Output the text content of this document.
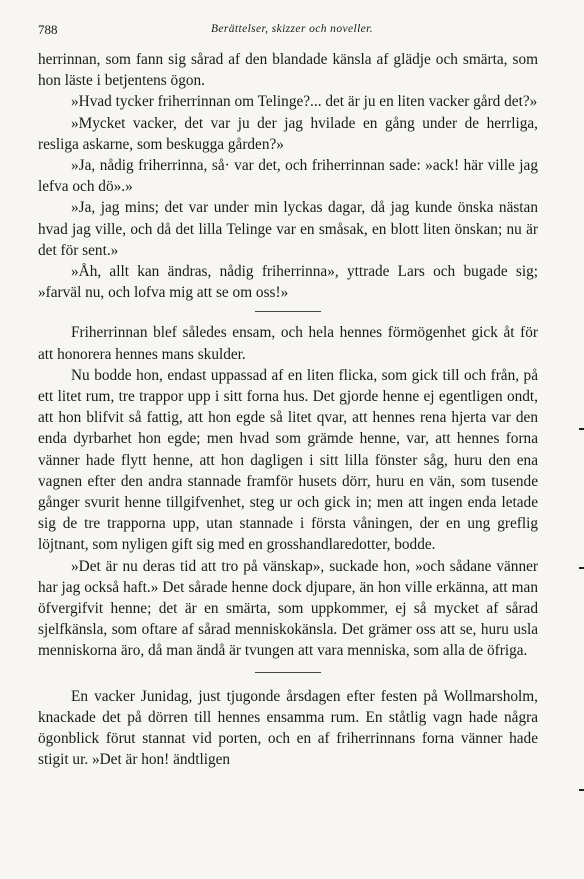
788	Berättelser, skizzer och noveller.

herrinnan, som fann sig sårad af den blandade känsla af glädje och smärta, som hon läste i betjentens ögon.

»Hvad tycker friherrinnan om Telinge?... det är ju en liten vacker gård det?»

»Mycket vacker, det var ju der jag hvilade en gång under de herrliga, resliga askarne, som beskugga gården?»

»Ja, nådig friherrinna, så· var det, och friherrinnan sade: »ack! här ville jag lefva och dö».»

»Ja, jag mins; det var under min lyckas dagar, då jag kunde önska nästan hvad jag ville, och då det lilla Telinge var en småsak, en blott liten önskan; nu är det för sent.»

»Åh, allt kan ändras, nådig friherrinna», yttrade Lars och bugade sig; »farväl nu, och lofva mig att se om oss!»

Friherrinnan blef således ensam, och hela hennes förmögenhet gick åt för att honorera hennes mans skulder.

Nu bodde hon, endast uppassad af en liten flicka, som gick till och från, på ett litet rum, tre trappor upp i sitt forna hus. Det gjorde henne ej egentligen ondt, att hon blifvit så fattig, att hon egde så litet qvar, att hennes rena hjerta var den enda dyrbarhet hon egde; men hvad som grämde henne, var, att hennes forna vänner hade flytt henne, att hon dagligen i sitt lilla fönster såg, huru den ena vagnen efter den andra stannade framför husets dörr, huru en vän, som tusende gånger svurit henne tillgifvenhet, steg ur och gick in; men att ingen enda letade sig de tre trapporna upp, utan stannade i första våningen, der en ung greflig löjtnant, som nyligen gift sig med en grosshandlaredotter, bodde.

»Det är nu deras tid att tro på vänskap», suckade hon, »och sådane vänner har jag också haft.» Det sårade henne dock djupare, än hon ville erkänna, att man öfvergifvit henne; det är en smärta, som uppkommer, ej så mycket af sårad sjelfkänsla, som oftare af sårad menniskokänsla. Det grämer oss att se, huru usla menniskorna äro, då man ändå är tvungen att vara menniska, som alla de öfriga.

En vacker Junidag, just tjugonde årsdagen efter festen på Wollmarsholm, knackade det på dörren till hennes ensamma rum. En ståtlig vagn hade några ögonblick förut stannat vid porten, och en af friherrinnans forna vänner hade stigit ur. »Det är hon! ändtligen
